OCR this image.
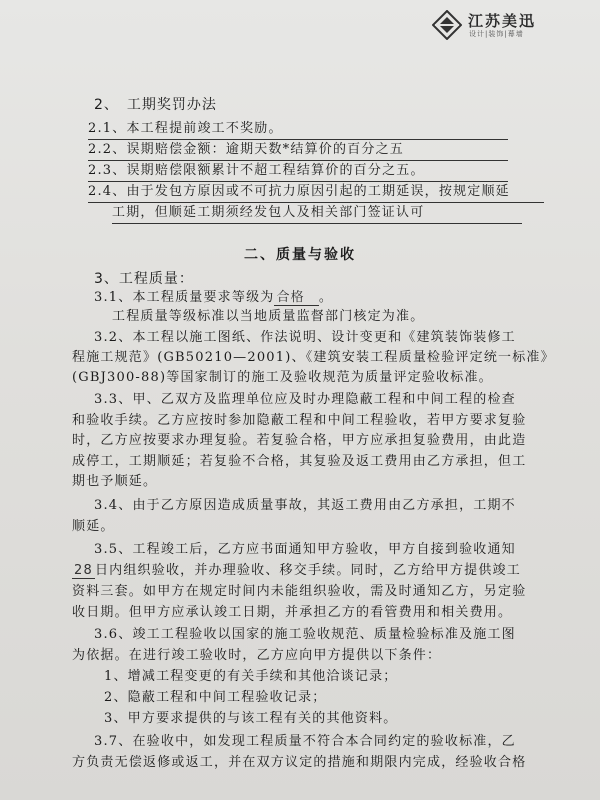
江苏美迅
设计|装饰|幕墙
2、　工期奖罚办法
2.1、本工程提前竣工不奖励。
2.2、误期赔偿金额：逾期天数*结算价的百分之五
2.3、误期赔偿限额累计不超工程结算价的百分之五。
2.4、由于发包方原因或不可抗力原因引起的工期延误，按规定顺延
工期，但顺延工期须经发包人及相关部门签证认可
二、质量与验收
3、工程质量：
3.1、本工程质量要求等级为 合格 。
工程质量等级标准以当地质量监督部门核定为准。
3.2、本工程以施工图纸、作法说明、设计变更和《建筑装饰装修工
程施工规范》(GB50210—2001)、《建筑安装工程质量检验评定统一标准》
(GBJ300-88)等国家制订的施工及验收规范为质量评定验收标准。
3.3、甲、乙双方及监理单位应及时办理隐蔽工程和中间工程的检查
和验收手续。乙方应按时参加隐蔽工程和中间工程验收，若甲方要求复验
时，乙方应按要求办理复验。若复验合格，甲方应承担复验费用，由此造
成停工，工期顺延；若复验不合格，其复验及返工费用由乙方承担，但工
期也予顺延。
3.4、由于乙方原因造成质量事故，其返工费用由乙方承担，工期不
顺延。
3.5、工程竣工后，乙方应书面通知甲方验收，甲方自接到验收通知
28 日内组织验收，并办理验收、移交手续。同时，乙方给甲方提供竣工
资料三套。如甲方在规定时间内未能组织验收，需及时通知乙方，另定验
收日期。但甲方应承认竣工日期，并承担乙方的看管费用和相关费用。
3.6、竣工工程验收以国家的施工验收规范、质量检验标准及施工图
为依据。在进行竣工验收时，乙方应向甲方提供以下条件：
1、增减工程变更的有关手续和其他洽谈记录；
2、隐蔽工程和中间工程验收记录；
3、甲方要求提供的与该工程有关的其他资料。
3.7、在验收中，如发现工程质量不符合本合同约定的验收标准，乙
方负责无偿返修或返工，并在双方议定的措施和期限内完成，经验收合格
